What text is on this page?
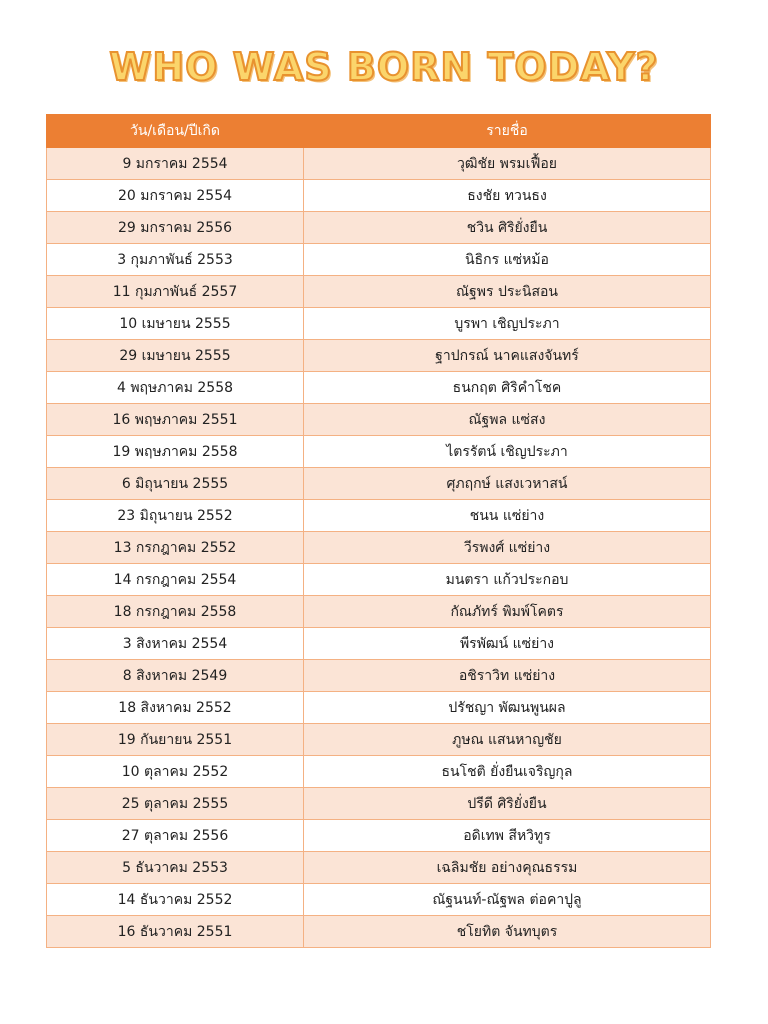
WHO WAS BORN TODAY?
วัน/เดือน/ปีเกิด	รายชื่อ
9 มกราคม 2554	วุฒิชัย พรมเฟื้อย
20 มกราคม 2554	ธงชัย ทวนธง
29 มกราคม 2556	ชวิน ศิริยั่งยืน
3 กุมภาพันธ์ 2553	นิธิกร แซ่หม้อ
11 กุมภาพันธ์ 2557	ณัฐพร ประนิสอน
10 เมษายน 2555	บูรพา เชิญประภา
29 เมษายน 2555	ฐาปกรณ์ นาคแสงจันทร์
4 พฤษภาคม 2558	ธนกฤต ศิริคำโชค
16 พฤษภาคม 2551	ณัฐพล แซ่สง
19 พฤษภาคม 2558	ไตรรัตน์ เชิญประภา
6 มิถุนายน 2555	ศุภฤกษ์ แสงเวหาสน์
23 มิถุนายน 2552	ชนน แซ่ย่าง
13 กรกฎาคม 2552	วีรพงศ์ แซ่ย่าง
14 กรกฎาคม 2554	มนตรา แก้วประกอบ
18 กรกฎาคม 2558	กัณภัทร์ พิมพ์โคตร
3 สิงหาคม 2554	พีรพัฒน์ แซ่ย่าง
8 สิงหาคม 2549	อชิราวิท แซ่ย่าง
18 สิงหาคม 2552	ปรัชญา พัฒนพูนผล
19 กันยายน 2551	ภูษณ แสนหาญชัย
10 ตุลาคม 2552	ธนโชติ ยั่งยืนเจริญกุล
25 ตุลาคม 2555	ปรีดี ศิริยั่งยืน
27 ตุลาคม 2556	อดิเทพ สีหวิทูร
5 ธันวาคม 2553	เฉลิมชัย อย่างคุณธรรม
14 ธันวาคม 2552	ณัฐนนท์-ณัฐพล ต่อคาปูลู
16 ธันวาคม 2551	ชโยทิต จันทบุตร
